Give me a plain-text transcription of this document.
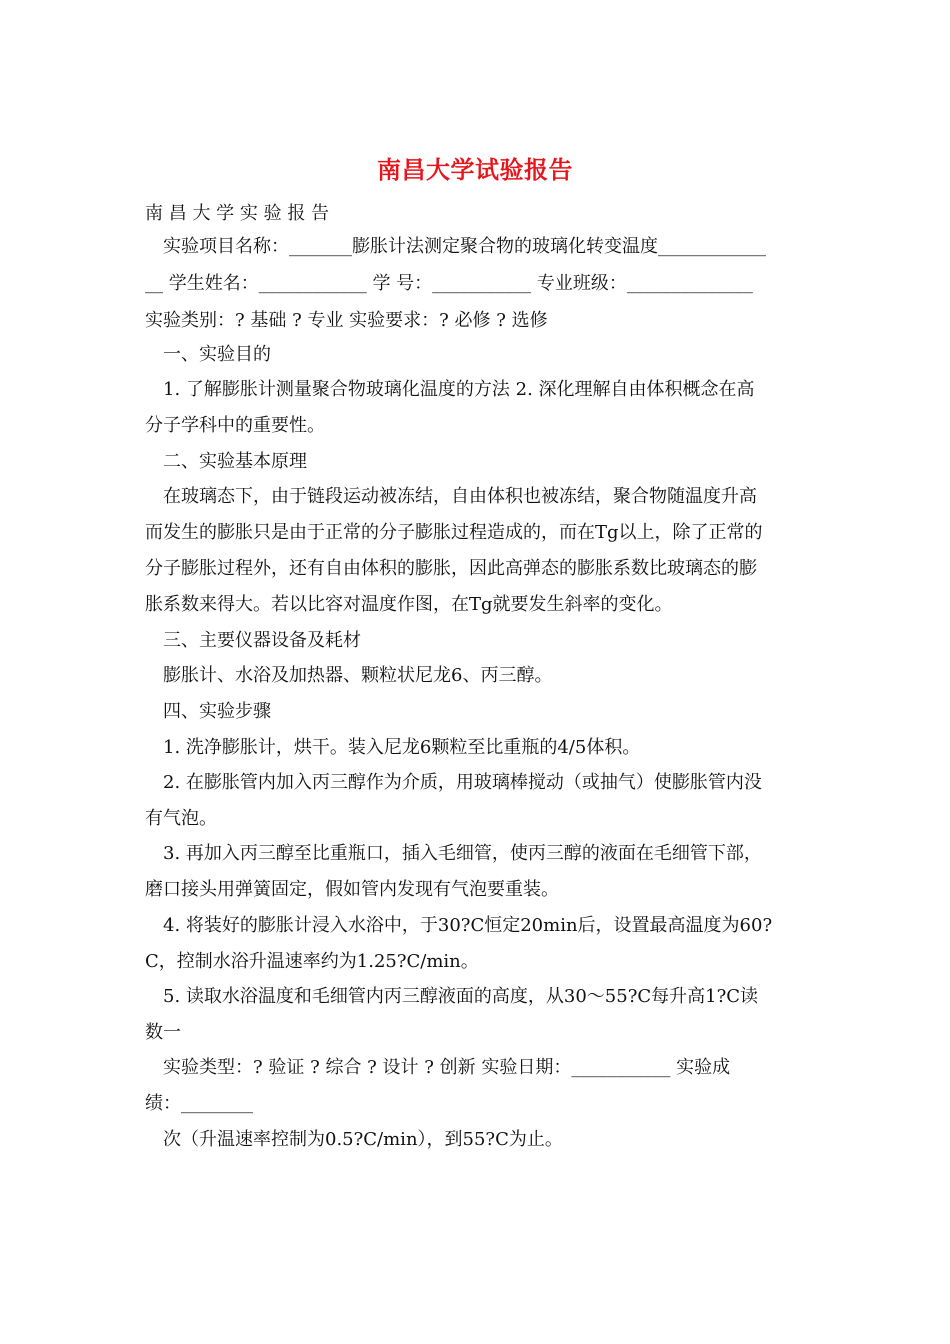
南昌大学试验报告
南 昌 大 学 实 验 报 告
实验项目名称：_______膨胀计法测定聚合物的玻璃化转变温度____________
__ 学生姓名：____________ 学 号：___________ 专业班级：______________
实验类别：? 基础 ? 专业 实验要求：? 必修 ? 选修
一、实验目的
1. 了解膨胀计测量聚合物玻璃化温度的方法 2. 深化理解自由体积概念在高
分子学科中的重要性。
二、实验基本原理
在玻璃态下，由于链段运动被冻结，自由体积也被冻结，聚合物随温度升高
而发生的膨胀只是由于正常的分子膨胀过程造成的，而在Tg以上，除了正常的
分子膨胀过程外，还有自由体积的膨胀，因此高弹态的膨胀系数比玻璃态的膨
胀系数来得大。若以比容对温度作图，在Tg就要发生斜率的变化。
三、主要仪器设备及耗材
膨胀计、水浴及加热器、颗粒状尼龙6、丙三醇。
四、实验步骤
1. 洗净膨胀计，烘干。装入尼龙6颗粒至比重瓶的4/5体积。
2. 在膨胀管内加入丙三醇作为介质，用玻璃棒搅动（或抽气）使膨胀管内没
有气泡。
3. 再加入丙三醇至比重瓶口，插入毛细管，使丙三醇的液面在毛细管下部，
磨口接头用弹簧固定，假如管内发现有气泡要重装。
4. 将装好的膨胀计浸入水浴中，于30?C恒定20min后，设置最高温度为60?
C，控制水浴升温速率约为1.25?C/min。
5. 读取水浴温度和毛细管内丙三醇液面的高度，从30～55?C每升高1?C读
数一
实验类型：? 验证 ? 综合 ? 设计 ? 创新 实验日期：___________ 实验成
绩：________
次（升温速率控制为0.5?C/min），到55?C为止。
